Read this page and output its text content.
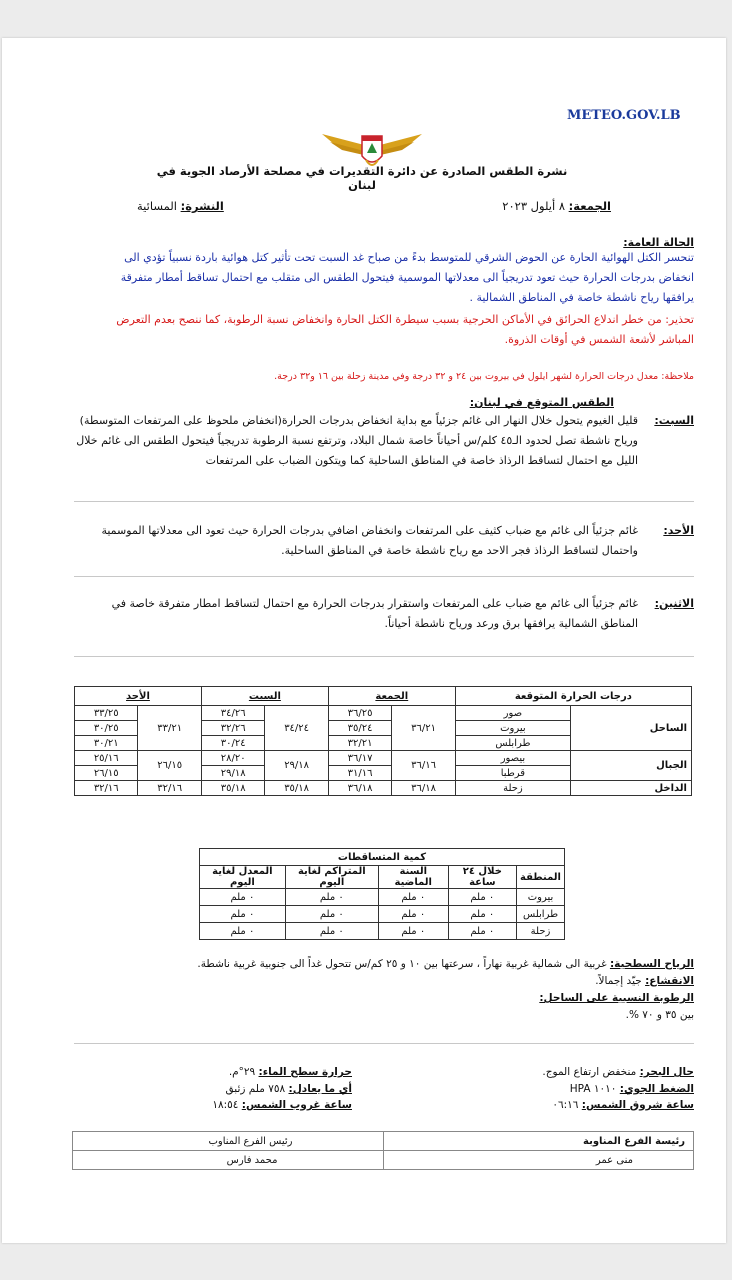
METEO.GOV.LB
نشرة الطقس الصادرة عن دائرة التقديرات في مصلحة الأرصاد الجوية في لبنان
الجمعة: ٨ أيلول ٢٠٢٣
النشرة: المسائية
الحالة العامة:
تنحسر الكتل الهوائية الحارة عن الحوض الشرقي للمتوسط بدءً من صباح غد السبت تحت تأثير كتل هوائية باردة نسبياً تؤدي الى انخفاض بدرجات الحرارة حيث تعود تدريجياً الى معدلاتها الموسمية فيتحول الطقس الى متقلب مع احتمال تساقط أمطار متفرقة يرافقها رياح ناشطة خاصة في المناطق الشمالية .
تحذير: من خطر اندلاع الحرائق في الأماكن الحرجية بسبب سيطرة الكتل الحارة وانخفاض نسبة الرطوبة، كما ننصح بعدم التعرض المباشر لأشعة الشمس في أوقات الذروة.
ملاحظة: معدل درجات الحرارة لشهر ايلول في بيروت بين ٢٤ و ٣٢ درجة وفي مدينة زحلة بين ١٦ و٣٢ درجة.
الطقس المتوقع في لبنان:
السبت:
قليل الغيوم يتحول خلال النهار الى غائم جزئياً مع بداية انخفاض بدرجات الحرارة(انخفاض ملحوظ على المرتفعات المتوسطة) ورياح ناشطة تصل لحدود الـ٤٥ كلم/س أحياناً خاصة شمال البلاد، وترتفع نسبة الرطوبة تدريجياً فيتحول الطقس الى غائم خلال الليل مع احتمال لتساقط الرذاذ خاصة في المناطق الساحلية كما ويتكون الضباب على المرتفعات
الأحد:
غائم جزئياً الى غائم مع ضباب كثيف على المرتفعات وانخفاض اضافي بدرجات الحرارة حيث تعود الى معدلاتها الموسمية واحتمال لتساقط الرذاذ فجر الاحد مع رياح ناشطة خاصة في المناطق الساحلية.
الاثنين:
غائم جزئياً الى غائم مع ضباب على المرتفعات واستقرار بدرجات الحرارة مع احتمال لتساقط امطار متفرقة خاصة في المناطق الشمالية يرافقها برق ورعد ورياح ناشطة أحياناً.
درجات الحرارة المتوقعة		الجمعة		السبت		الأحد	
الساحل	صور	٣٦/٢١	٣٦/٢٥	٣٤/٢٤	٣٤/٢٦	٣٣/٢١	٣٣/٢٥
	بيروت		٣٥/٢٤		٣٢/٢٦		٣٠/٢٥
	طرابلس		٣٢/٢١		٣٠/٢٤		٣٠/٢١
الجبال	بيصور	٣٦/١٦	٣٦/١٧	٢٩/١٨	٢٨/٢٠	٢٦/١٥	٢٥/١٦
	قرطبا		٣١/١٦		٢٩/١٨		٢٦/١٥
الداخل	زحلة	٣٦/١٨	٣٦/١٨	٣٥/١٨	٣٥/١٨	٣٢/١٦	٣٢/١٦
كمية المتساقطات				
المنطقة	خلال ٢٤ ساعة	السنة الماضية	المتراكم لغاية اليوم	المعدل لغاية اليوم
بيروت	٠ ملم	٠ ملم	٠ ملم	٠ ملم
طرابلس	٠ ملم	٠ ملم	٠ ملم	٠ ملم
زحلة	٠ ملم	٠ ملم	٠ ملم	٠ ملم
الرياح السطحية: غربية الى شمالية غربية نهاراً ، سرعتها بين ١٠ و ٢٥ كم/س تتحول غداً الى جنوبية غربية ناشطة.
الانقشاع: جيّد إجمالاً.
الرطوبة النسبية على الساحل:
بين ٣٥ و ٧٠ %.
حال البحر: منخفض ارتفاع الموج.
حرارة سطح الماء: ٢٩°م.
الضغط الجوي: ١٠١٠ HPA
أي ما يعادل: ٧٥٨ ملم زئبق
ساعة شروق الشمس: ٠٦:١٦
ساعة غروب الشمس: ١٨:٥٤
رئيسة الفرع المناوبة	رئيس الفرع المناوب
منى عمر	محمد فارس
